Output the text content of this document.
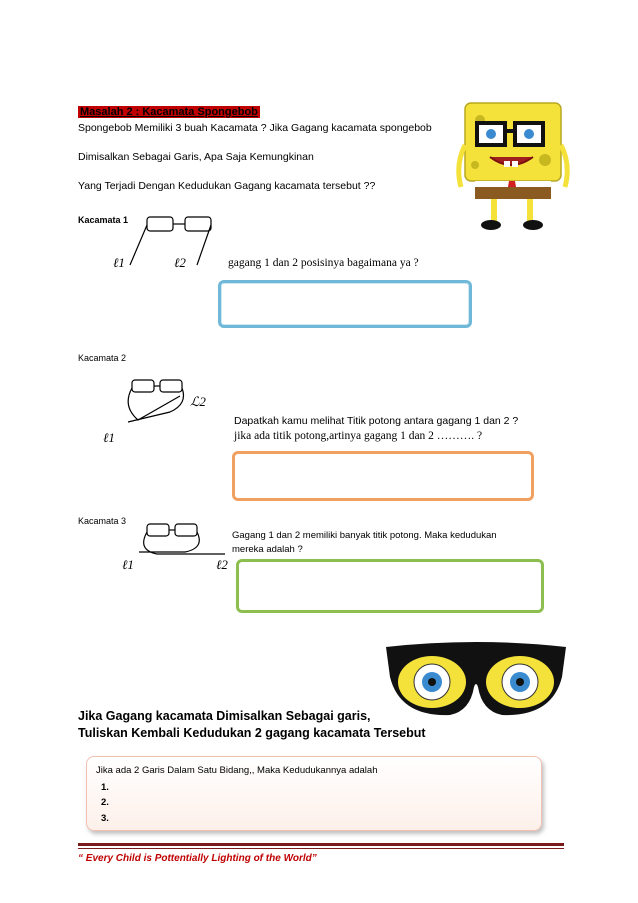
Masalah 2 : Kacamata Spongebob
Spongebob Memiliki 3 buah Kacamata ? Jika Gagang kacamata spongebob
Dimisalkan Sebagai Garis, Apa Saja Kemungkinan
Yang Terjadi Dengan Kedudukan Gagang kacamata tersebut ??
Kacamata 1
ℓ1	ℓ2	gagang 1 dan 2 posisinya bagaimana ya ?
Kacamata 2
ℒ2
ℓ1
Dapatkah kamu melihat Titik potong antara gagang 1 dan 2 ?
jika ada titik potong,artinya gagang 1 dan 2 ………. ?
Kacamata 3
ℓ1	ℓ2
Gagang 1 dan 2 memiliki banyak titik potong. Maka kedudukan
mereka adalah ?
Jika Gagang kacamata Dimisalkan Sebagai garis,
Tuliskan Kembali Kedudukan 2 gagang kacamata Tersebut
Jika ada 2 Garis Dalam Satu Bidang,, Maka Kedudukannya adalah
1.
2.
3.
“ Every Child is Pottentially Lighting of the World”
